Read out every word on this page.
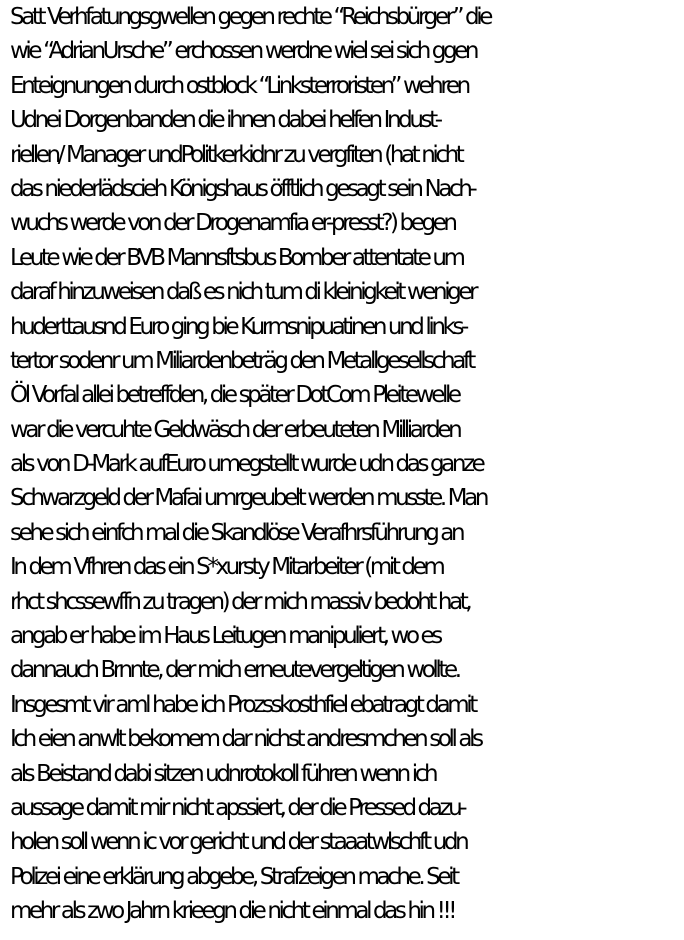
Satt Verhfatungsgwellen gegen rechte “Reichsbürger” die
wie “AdrianUrsche” erchossen werdne wiel sei sich ggen
Enteignungen durch ostblock “Linksterroristen” wehren
Udnei Dorgenbanden die ihnen dabei helfen Indust-
riellen/ Manager undPolitkerkidnr zu vergfiten (hat nicht
das niederlädscieh Königshaus öfftlich gesagt sein Nach-
wuchs werde von der Drogenamfia er-presst?) begen
Leute wie der BVB Mannsftsbus Bomber attentate um
daraf hinzuweisen daß es nich tum di kleinigkeit weniger
huderttausnd Euro ging bie Kurmsnipuatinen und links-
tertor sodenr um Miliardenbeträg den Metallgesellschaft
Öl Vorfal allei betreffden, die später DotCom Pleitewelle
war die vercuhte Geldwäsch der erbeuteten Milliarden
als von D-Mark aufEuro umegstellt wurde udn das ganze
Schwarzgeld der Mafai umrgeubelt werden musste. Man
sehe sich einfch mal die Skandlöse Verafhrsführung an
In dem Vfhren das ein S*xursty Mitarbeiter (mit dem
rhct shcssewffn zu tragen) der mich massiv bedoht hat,
angab er habe im Haus Leitugen manipuliert, wo es
dannauch Brnnte, der mich erneutevergeltigen wollte.
Insgesmt vir aml habe ich Prozsskosthfiel ebatragt damit
Ich eien anwlt bekomem dar nichst andresmchen soll als
als Beistand dabi sitzen udnrotokoll führen wenn ich
aussage damit mir nicht apssiert, der die Pressed dazu-
holen soll wenn ic vor gericht und der staaatwlschft udn
Polizei eine erklärung abgebe, Strafzeigen mache. Seit
mehr als zwo Jahrn krieegn die nicht einmal das hin !!!
